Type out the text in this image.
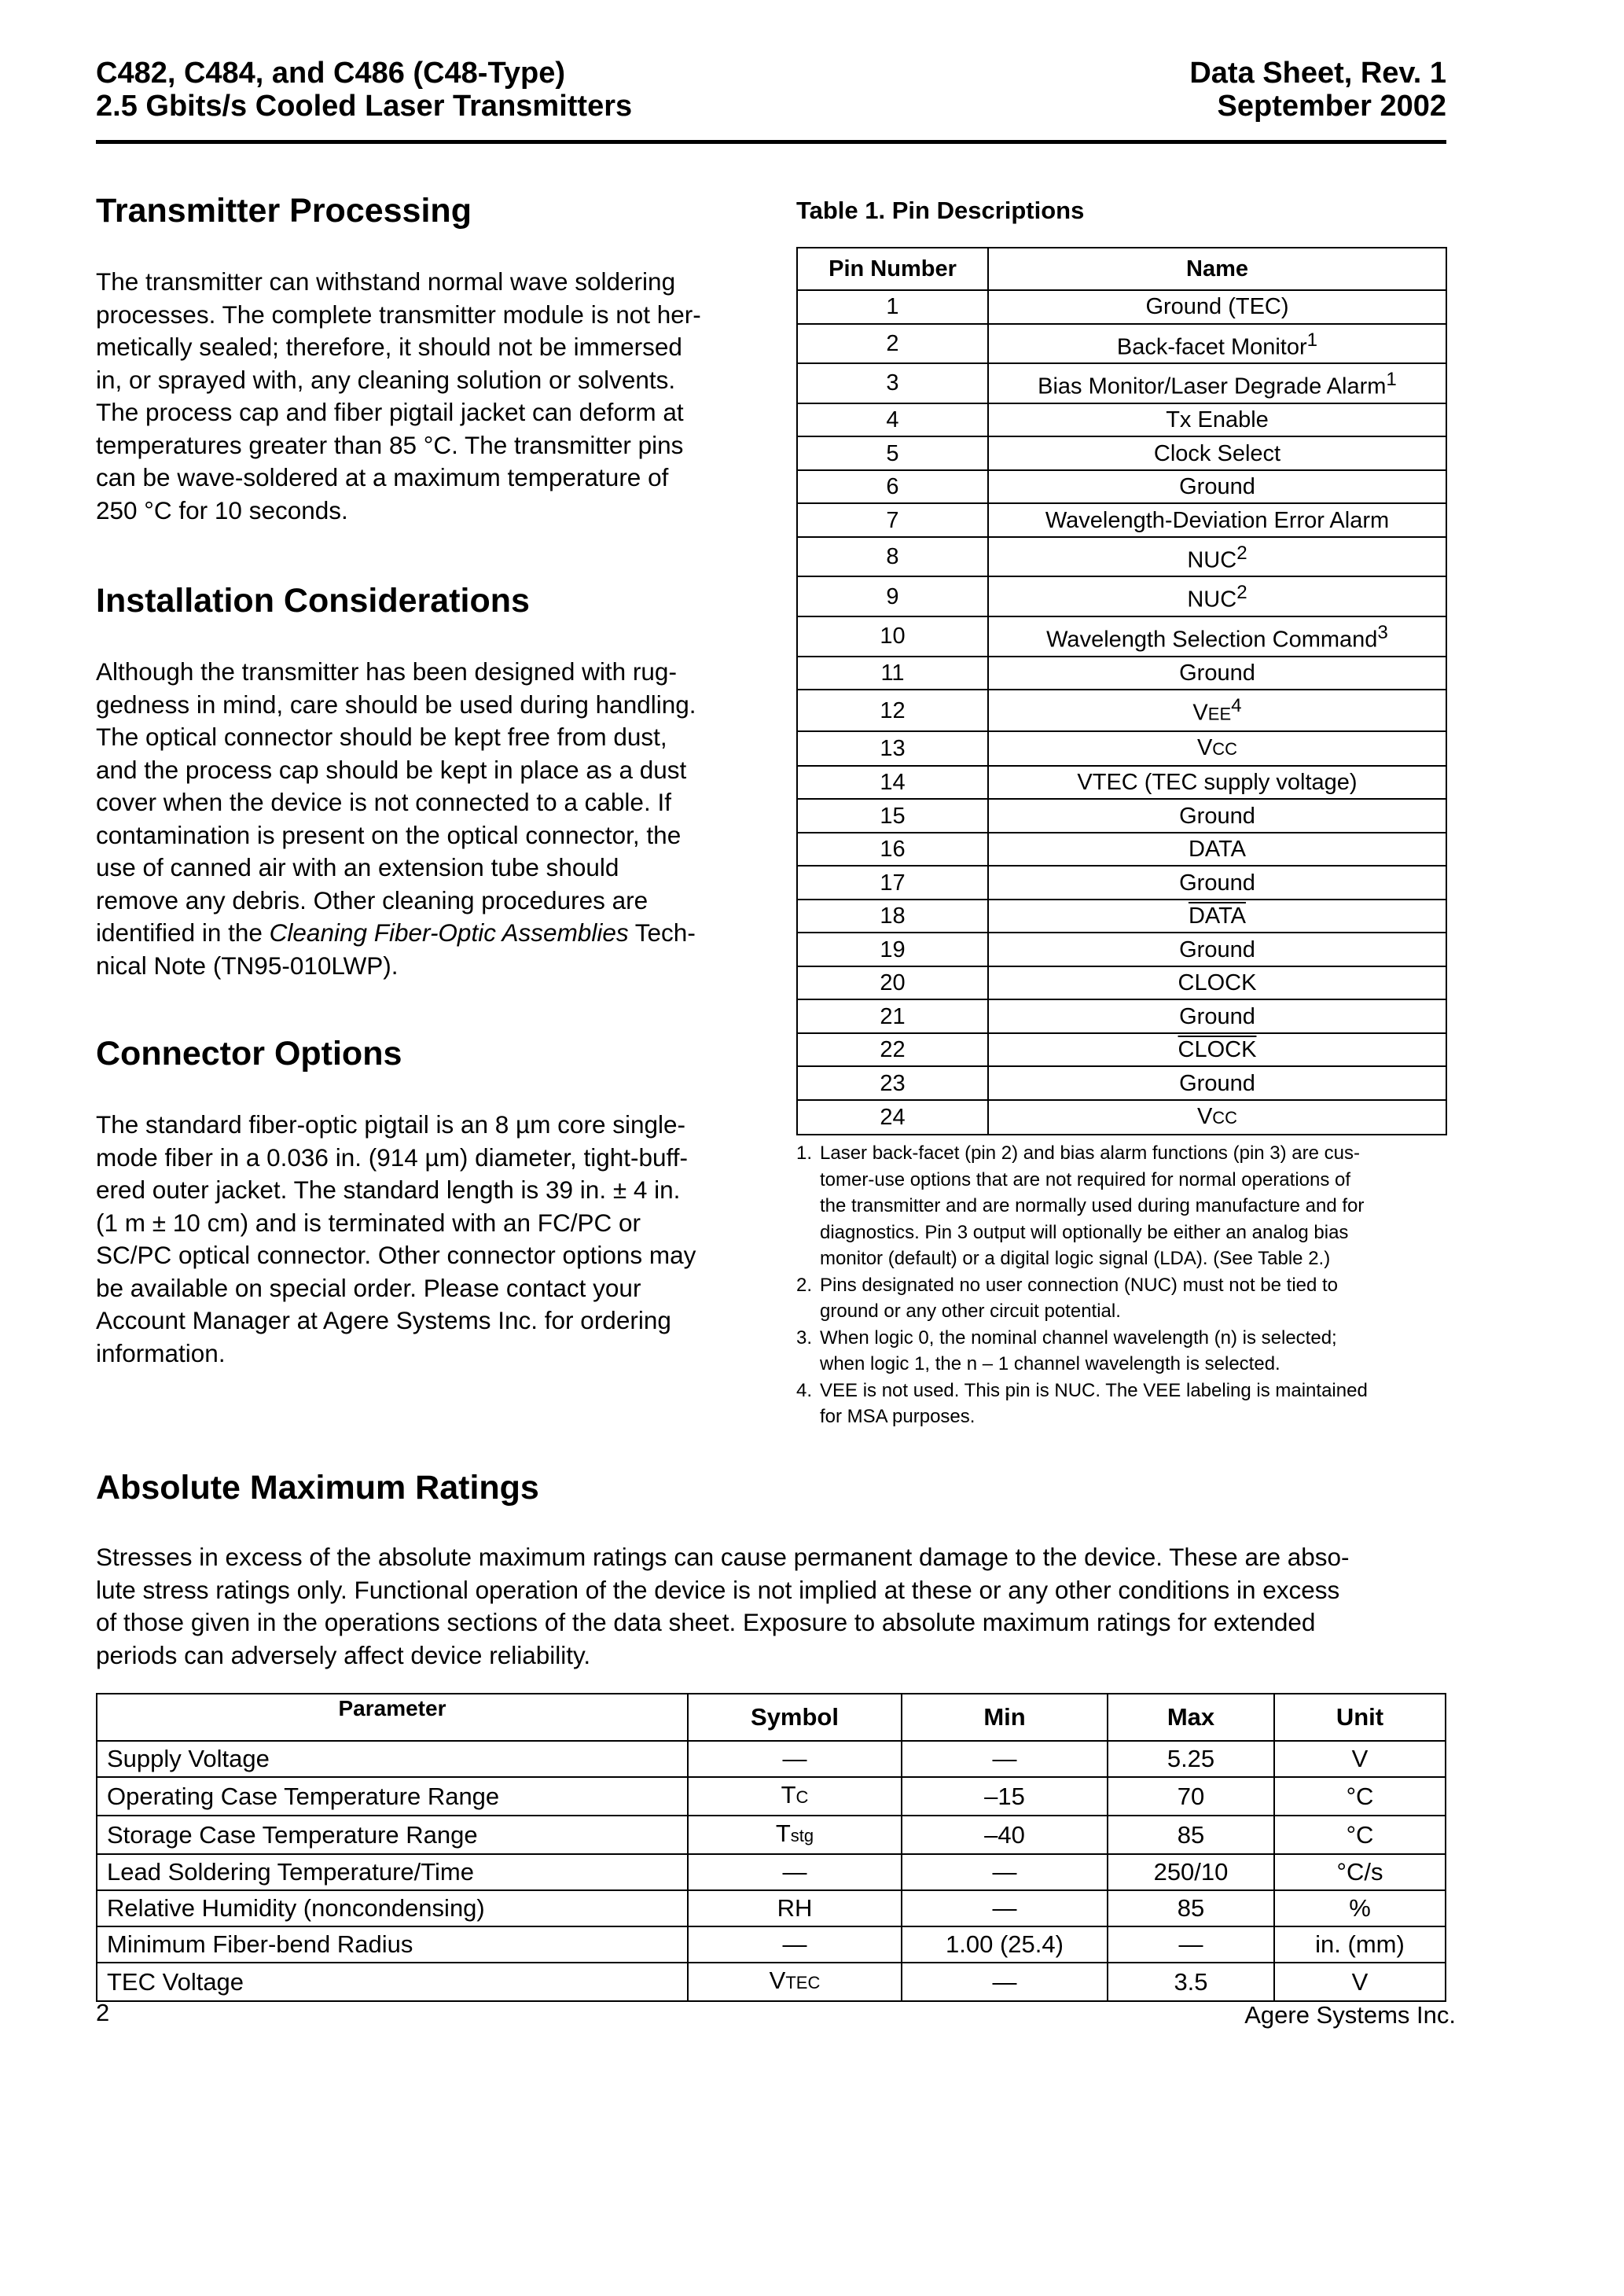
C482, C484, and C486 (C48-Type)
2.5 Gbits/s Cooled Laser Transmitters
Data Sheet, Rev. 1
September 2002
Transmitter Processing
The transmitter can withstand normal wave soldering
processes. The complete transmitter module is not her-
metically sealed; therefore, it should not be immersed
in, or sprayed with, any cleaning solution or solvents.
The process cap and fiber pigtail jacket can deform at
temperatures greater than 85 °C. The transmitter pins
can be wave-soldered at a maximum temperature of
250 °C for 10 seconds.
Installation Considerations
Although the transmitter has been designed with rug-
gedness in mind, care should be used during handling.
The optical connector should be kept free from dust,
and the process cap should be kept in place as a dust
cover when the device is not connected to a cable. If
contamination is present on the optical connector, the
use of canned air with an extension tube should
remove any debris. Other cleaning procedures are
identified in the Cleaning Fiber-Optic Assemblies Tech-
nical Note (TN95-010LWP).
Connector Options
The standard fiber-optic pigtail is an 8 µm core single-
mode fiber in a 0.036 in. (914 µm) diameter, tight-buff-
ered outer jacket. The standard length is 39 in. ± 4 in.
(1 m ± 10 cm) and is terminated with an FC/PC or
SC/PC optical connector. Other connector options may
be available on special order. Please contact your
Account Manager at Agere Systems Inc. for ordering
information.
Table 1. Pin Descriptions
Pin Number	Name
1	Ground (TEC)
2	Back-facet Monitor$^1$
3	Bias Monitor/Laser Degrade Alarm$^1$
4	Tx Enable
5	Clock Select
6	Ground
7	Wavelength-Deviation Error Alarm
8	NUC$^2$
9	NUC$^2$
10	Wavelength Selection Command$^3$
11	Ground
12	VEE$^4$
13	VCC
14	VTEC (TEC supply voltage)
15	Ground
16	DATA
17	Ground
18	DATA
19	Ground
20	CLOCK
21	Ground
22	CLOCK
23	Ground
24	VCC
1. Laser back-facet (pin 2) and bias alarm functions (pin 3) are cus-
tomer-use options that are not required for normal operations of
the transmitter and are normally used during manufacture and for
diagnostics. Pin 3 output will optionally be either an analog bias
monitor (default) or a digital logic signal (LDA). (See Table 2.)
2. Pins designated no user connection (NUC) must not be tied to
ground or any other circuit potential.
3. When logic 0, the nominal channel wavelength (n) is selected;
when logic 1, the n – 1 channel wavelength is selected.
4. VEE is not used. This pin is NUC. The VEE labeling is maintained
for MSA purposes.
Absolute Maximum Ratings
Stresses in excess of the absolute maximum ratings can cause permanent damage to the device. These are abso-
lute stress ratings only. Functional operation of the device is not implied at these or any other conditions in excess
of those given in the operations sections of the data sheet. Exposure to absolute maximum ratings for extended
periods can adversely affect device reliability.
Parameter	Symbol	Min	Max	Unit
Supply Voltage	—	—	5.25	V
Operating Case Temperature Range	TC	–15	70	°C
Storage Case Temperature Range	Tstg	–40	85	°C
Lead Soldering Temperature/Time	—	—	250/10	°C/s
Relative Humidity (noncondensing)	RH	—	85	%
Minimum Fiber-bend Radius	—	1.00 (25.4)	—	in. (mm)
TEC Voltage	VTEC	—	3.5	V
2	Agere Systems Inc.
